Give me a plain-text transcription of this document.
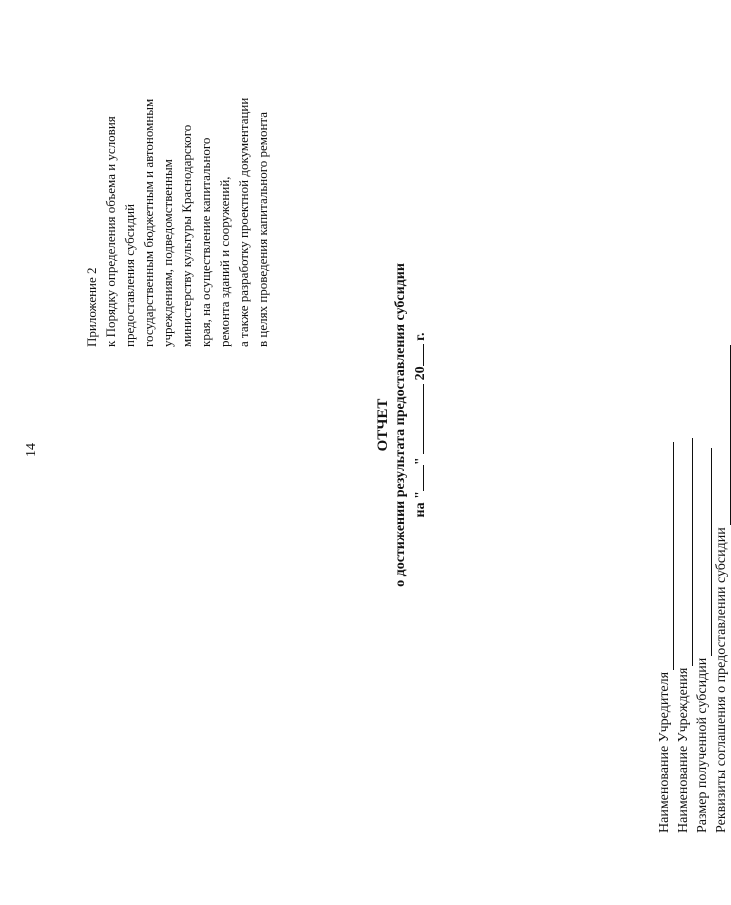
14
Приложение 2 к Порядку определения объема и условия предоставления субсидий государственным бюджетным и автономным учреждениям, подведомственным министерству культуры Краснодарского края, на осуществление капитального ремонта зданий и сооружений, а также разработку проектной документации в целях проведения капитального ремонта
ОТЧЕТ о достижении результата предоставления субсидии на ""  20 г.
Наименование Учредителя Наименование Учреждения Размер полученной субсидии Реквизиты соглашения о предоставлении субсидии
